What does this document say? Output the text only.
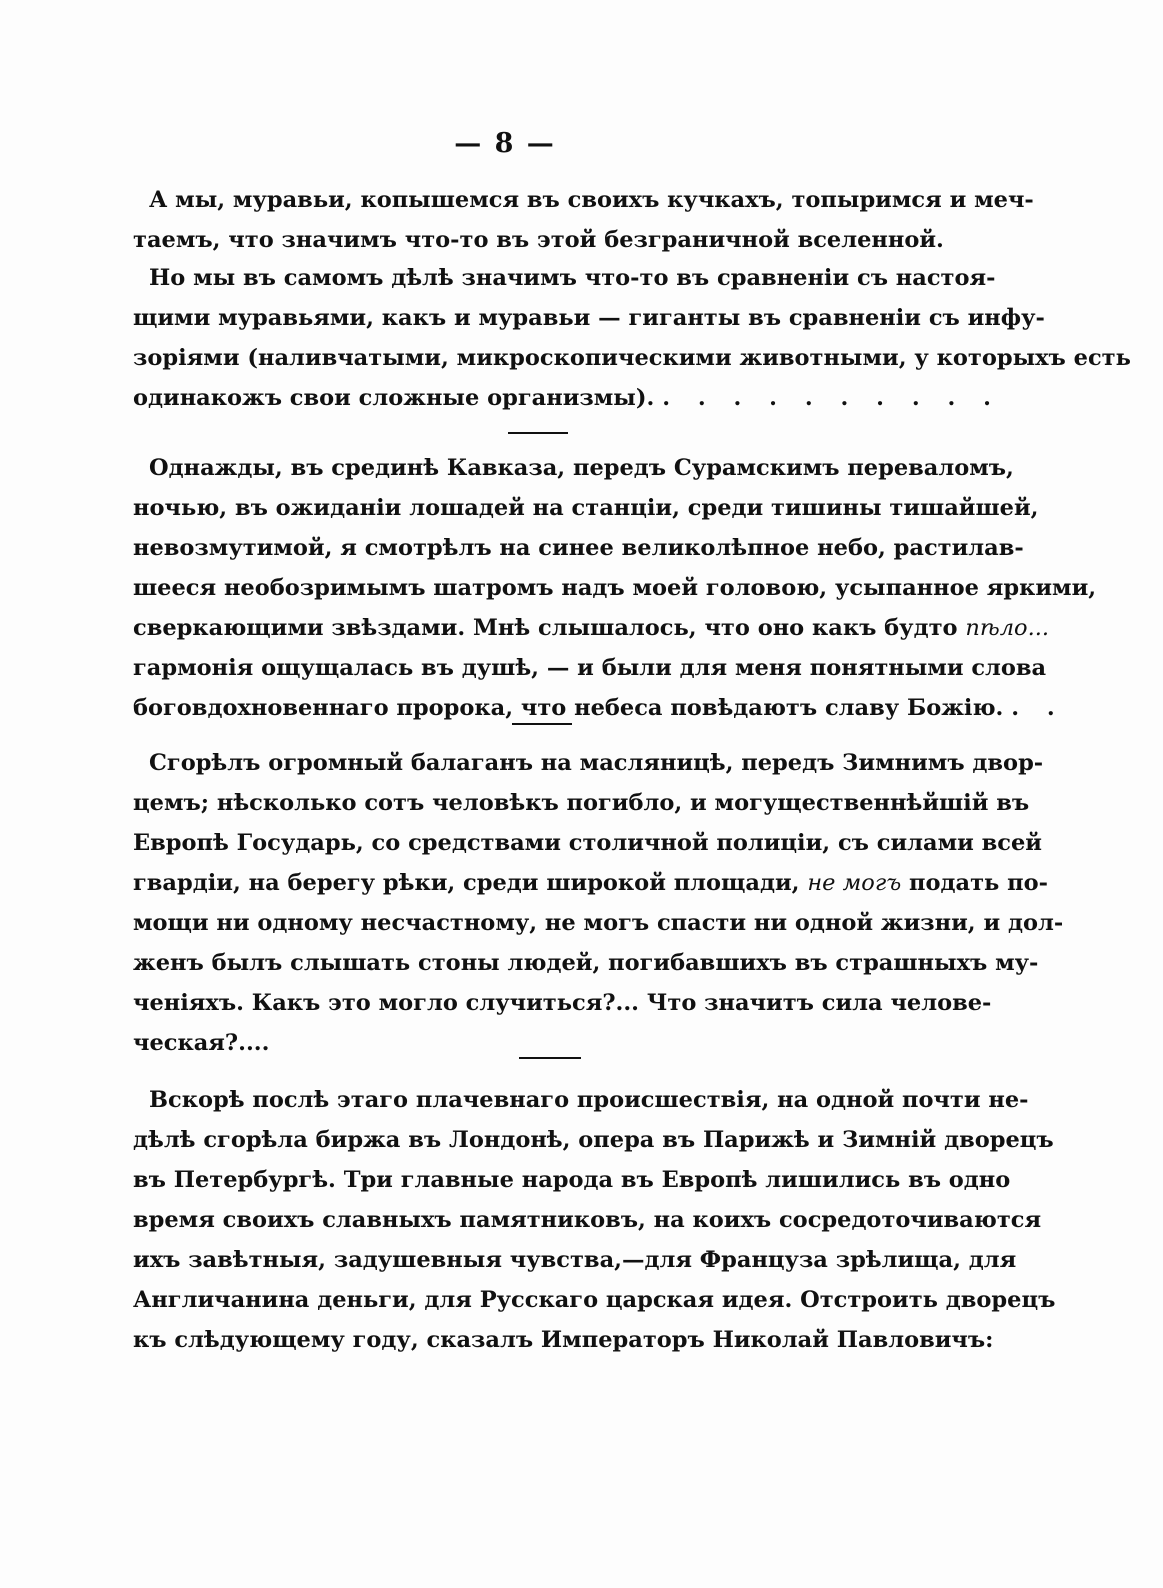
— 8 —
А мы, муравьи, копышемся въ своихъ кучкахъ, топыримся и меч-
таемъ, что значимъ что-то въ этой безграничной вселенной.
Но мы въ самомъ дѣлѣ значимъ что-то въ сравненіи съ настоя-
щими муравьями, какъ и муравьи — гиганты въ сравненіи съ инфу-
зоріями (наливчатыми, микроскопическими животными, у которыхъ есть
одинакожъ свои сложные организмы). . . . . . . . . . .
Однажды, въ срединѣ Кавказа, передъ Сурамскимъ переваломъ,
ночью, въ ожиданіи лошадей на станціи, среди тишины тишайшей,
невозмутимой, я смотрѣлъ на синее великолѣпное небо, растилав-
шееся необозримымъ шатромъ надъ моей головою, усыпанное яркими,
сверкающими звѣздами. Мнѣ слышалось, что оно какъ будто пѣло...
гармонія ощущалась въ душѣ, — и были для меня понятными слова
боговдохновеннаго пророка, что небеса повѣдаютъ славу Божію. . .
Сгорѣлъ огромный балаганъ на масляницѣ, передъ Зимнимъ двор-
цемъ; нѣсколько сотъ человѣкъ погибло, и могущественнѣйшій въ
Европѣ Государь, со средствами столичной полиціи, съ силами всей
гвардіи, на берегу рѣки, среди широкой площади, не могъ подать по-
мощи ни одному несчастному, не могъ спасти ни одной жизни, и дол-
женъ былъ слышать стоны людей, погибавшихъ въ страшныхъ му-
ченіяхъ. Какъ это могло случиться?... Что значитъ сила челове-
ческая?....
Вскорѣ послѣ этаго плачевнаго происшествія, на одной почти не-
дѣлѣ сгорѣла биржа въ Лондонѣ, опера въ Парижѣ и Зимній дворецъ
въ Петербургѣ. Три главные народа въ Европѣ лишились въ одно
время своихъ славныхъ памятниковъ, на коихъ сосредоточиваются
ихъ завѣтныя, задушевныя чувства,—для Француза зрѣлища, для
Англичанина деньги, для Русскаго царская идея. Отстроить дворецъ
къ слѣдующему году, сказалъ Императоръ Николай Павловичъ:
